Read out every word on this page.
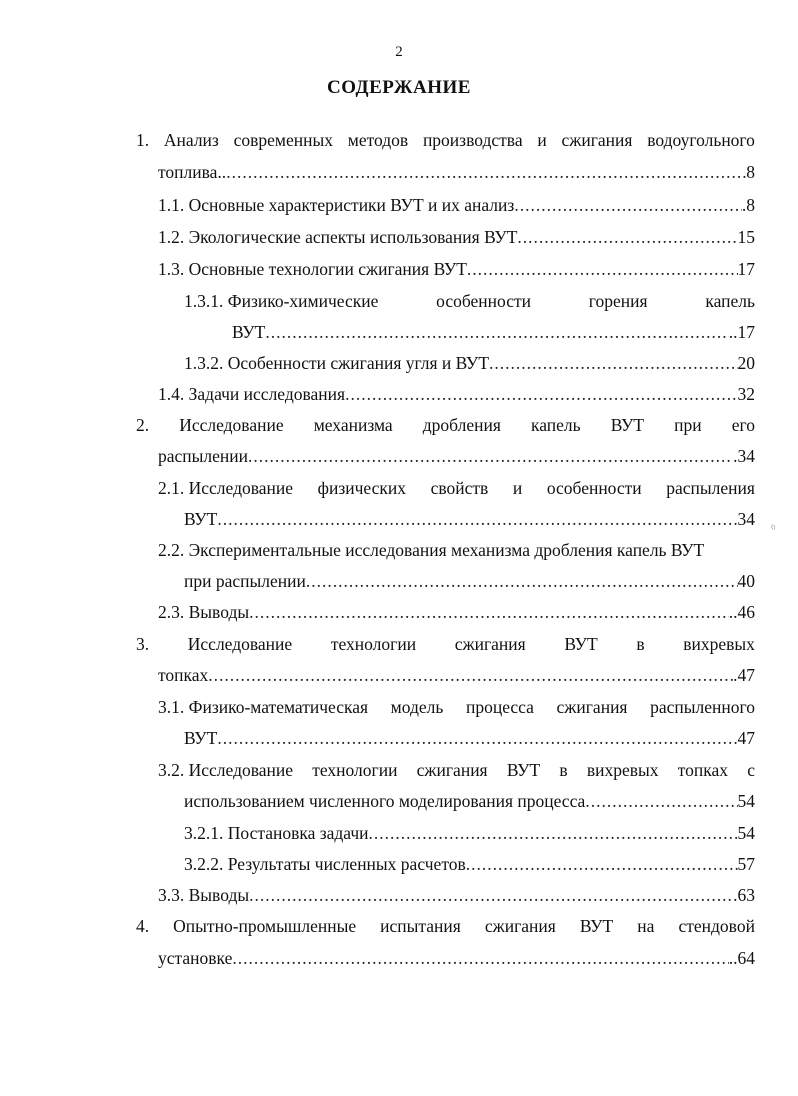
2
СОДЕРЖАНИЕ
1. Анализ современных методов производства и сжигания водоугольного
топлива.. .....	8
1.1. Основные характеристики ВУТ и их анализ .....	.8
1.2. Экологические аспекты использования ВУТ .....	15
1.3. Основные технологии сжигания ВУТ .....	17
1.3.1. Физико-химические	особенности	горения	капель
ВУТ .....	..17
1.3.2. Особенности сжигания угля и ВУТ .....	20
1.4. Задачи исследования .....	32
2. Исследование механизма дробления капель ВУТ при его
распылении .....	.34
2.1. Исследование физических свойств и особенности распыления
ВУТ .....	34
2.2. Экспериментальные исследования механизма дробления капель ВУТ
при распылении .....	40
2.3. Выводы .....	..46
3. Исследование технологии сжигания ВУТ в вихревых
топках .....	.47
3.1. Физико-математическая модель процесса сжигания распыленного
ВУТ .....	47
3.2. Исследование технологии сжигания ВУТ в вихревых топках с
использованием численного моделирования процесса .....	54
3.2.1. Постановка задачи .....	54
3.2.2. Результаты численных расчетов .....	57
3.3. Выводы .....	.63
4. Опытно-промышленные испытания сжигания ВУТ на стендовой
установке .....	..64
⁽ˡ
